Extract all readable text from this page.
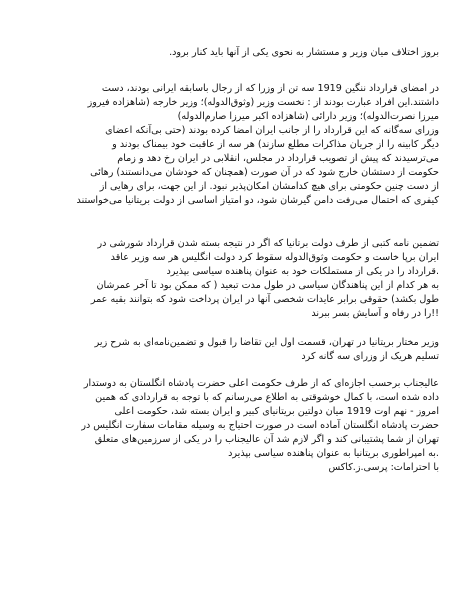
بروز اختلاف میان وزیر و مستشار به نحوی یکی از آنها باید کنار برود.
در امضای قرارداد ننگین 1919 سه تن از وزرا که از رجال باسابقه ایرانی بودند، دست
داشتند.این افراد عبارت بودند از : نخست وزیر (وثوق‌الدوله)؛ وزیر خارجه (شاهزاده فیروز
میرزا نصرت‌الدوله)؛ وزیر دارائی (شاهزاده اکبر میرزا صارم‌الدوله)
وزرای سه‌گانه که این قرارداد را از جانب ایران امضا کرده بودند (حتی بی‌آنکه اعضای
دیگر کابینه را از جریان مذاکرات مطلع سازند) هر سه از عاقبت خود بیمناک بودند و
می‌ترسیدند که پیش از تصویب قرارداد در مجلس، انقلابی در ایران رخ دهد و زمام
حکومت از دستشان خارج شود که در آن صورت (همچنان که خودشان می‌دانستند) رهائی
از دست چنین حکومتی برای هیچ کدامشان امکان‌پذیر نبود. از این جهت، برای رهایی از
کیفری که احتمال می‌رفت دامن گیرشان شود، دو امتیاز اساسی از دولت بریتانیا می‌خواستند
تضمین نامه کتبی از طرف دولت برتانیا که اگر در نتیجه بسته شدن قرارداد شورشی در
ایران برپا خاست و حکومت وثوق‌الدوله سقوط کرد دولت انگلیس هر سه وزیر عاقد
.قرارداد را در یکی از مستملکات خود به عنوان پناهنده سیاسی بپذیرد
به هر کدام از این پناهندگان سیاسی در طول مدت تبعید ( که ممکن بود تا آخر عمرشان
طول بکشد) حقوقی برابر عایدات شخصی آنها در ایران پرداخت شود که بتوانند بقیه عمر
!!را در رفاه و آسایش بسر ببرند
وزیر مختار بریتانیا در تهران، قسمت اول این تقاضا را قبول و تضمین‌نامه‌ای به شرح زیر
تسلیم هریک از وزرای سه گانه کرد
عالیجناب برحسب اجازه‌ای که از طرف حکومت اعلی حضرت پادشاه انگلستان به دوستدار
داده شده است، با کمال خوشوقتی به اطلاع می‌رسانم که با توجه به قراردادی که همین
امروز - نهم اوت 1919 میان دولتین بریتانیای کبیر و ایران بسته شد، حکومت اعلی
حضرت پادشاه انگلستان آماده است در صورت احتیاج به وسیله مقامات سفارت انگلیس در
تهران از شما پشتیبانی کند و اگر لازم شد آن عالیجناب را در یکی از سرزمین‌های متعلق
.به امپراطوری بریتانیا به عنوان پناهنده سیاسی بپذیرد
با احترامات: پرسی.ز.کاکس
